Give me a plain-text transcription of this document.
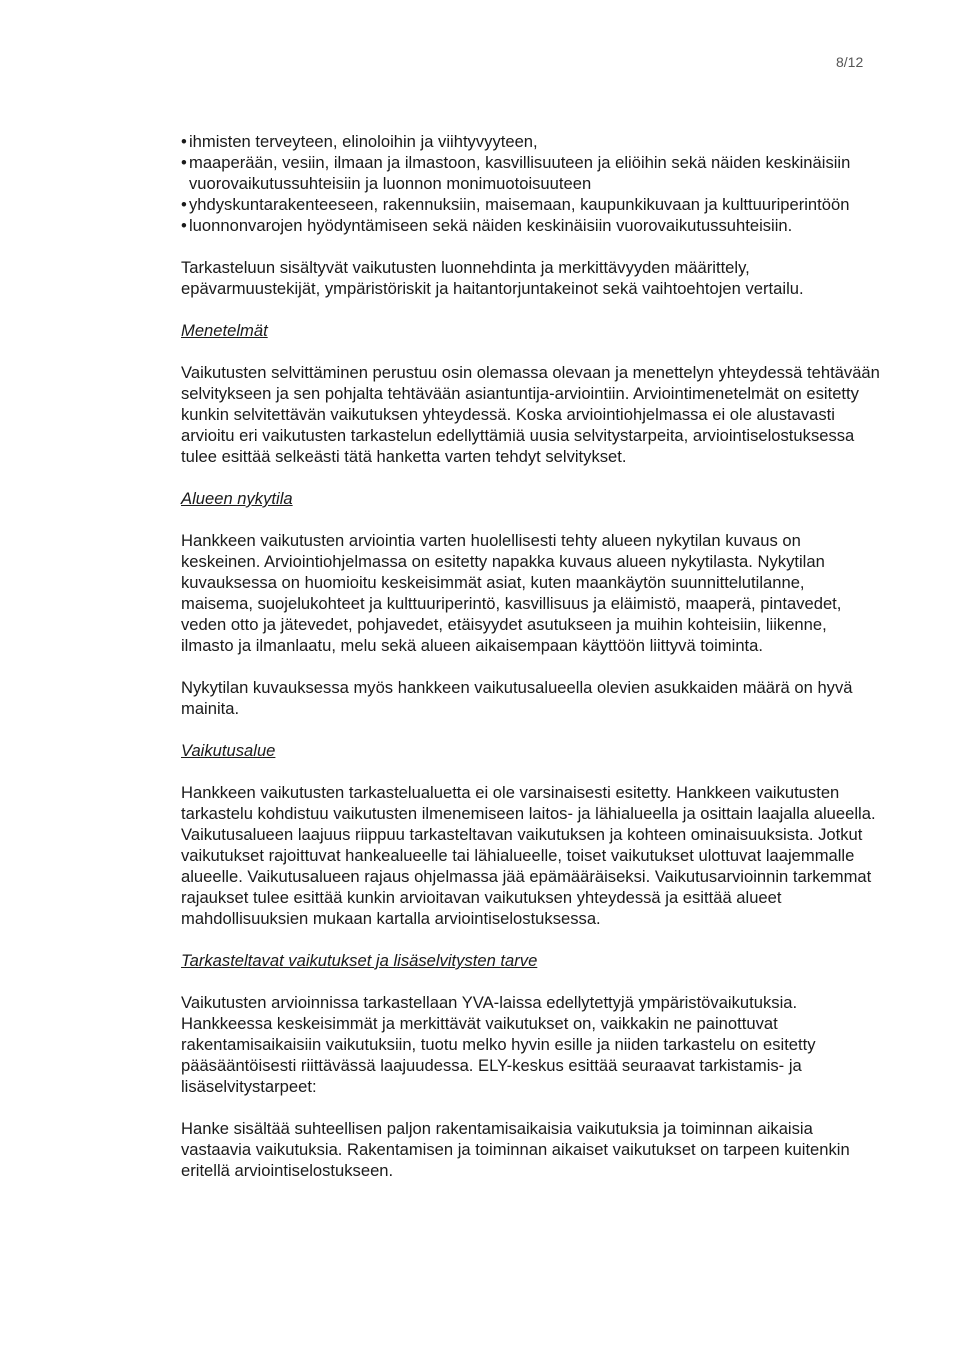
8/12
• ihmisten terveyteen, elinoloihin ja viihtyvyyteen,
• maaperään, vesiin, ilmaan ja ilmastoon, kasvillisuuteen ja eliöihin sekä näiden keskinäisiin vuorovaikutussuhteisiin ja luonnon monimuotoisuuteen
• yhdyskuntarakenteeseen, rakennuksiin, maisemaan, kaupunkikuvaan ja kulttuuriperintöön
• luonnonvarojen hyödyntämiseen sekä näiden keskinäisiin vuorovaikutussuhteisiin.

Tarkasteluun sisältyvät vaikutusten luonnehdinta ja merkittävyyden määrittely, epävarmuustekijät, ympäristöriskit ja haitantorjuntakeinot sekä vaihtoehtojen vertailu.

Menetelmät

Vaikutusten selvittäminen perustuu osin olemassa olevaan ja menettelyn yhteydessä tehtävään selvitykseen ja sen pohjalta tehtävään asiantuntija-arviointiin. Arviointimenetelmät on esitetty kunkin selvitettävän vaikutuksen yhteydessä. Koska arviointiohjelmassa ei ole alustavasti arvioitu eri vaikutusten tarkastelun edellyttämiä uusia selvitystarpeita, arviointiselostuksessa tulee esittää selkeästi tätä hanketta varten tehdyt selvitykset.

Alueen nykytila

Hankkeen vaikutusten arviointia varten huolellisesti tehty alueen nykytilan kuvaus on keskeinen. Arviointiohjelmassa on esitetty napakka kuvaus alueen nykytilasta. Nykytilan kuvauksessa on huomioitu keskeisimmät asiat, kuten maankäytön suunnittelutilanne, maisema, suojelukohteet ja kulttuuriperintö, kasvillisuus ja eläimistö, maaperä, pintavedet, veden otto ja jätevedet, pohjavedet, etäisyydet asutukseen ja muihin kohteisiin, liikenne, ilmasto ja ilmanlaatu, melu sekä alueen aikaisempaan käyttöön liittyvä toiminta.

Nykytilan kuvauksessa myös hankkeen vaikutusalueella olevien asukkaiden määrä on hyvä mainita.

Vaikutusalue

Hankkeen vaikutusten tarkastelualuetta ei ole varsinaisesti esitetty. Hankkeen vaikutusten tarkastelu kohdistuu vaikutusten ilmenemiseen laitos- ja lähialueella ja osittain laajalla alueella. Vaikutusalueen laajuus riippuu tarkasteltavan vaikutuksen ja kohteen ominaisuuksista. Jotkut vaikutukset rajoittuvat hankealueelle tai lähialueelle, toiset vaikutukset ulottuvat laajemmalle alueelle. Vaikutusalueen rajaus ohjelmassa jää epämääräiseksi. Vaikutusarvioinnin tarkemmat rajaukset tulee esittää kunkin arvioitavan vaikutuksen yhteydessä ja esittää alueet mahdollisuuksien mukaan kartalla arviointiselostuksessa.

Tarkasteltavat vaikutukset ja lisäselvitysten tarve

Vaikutusten arvioinnissa tarkastellaan YVA-laissa edellytettyjä ympäristövaikutuksia. Hankkeessa keskeisimmät ja merkittävät vaikutukset on, vaikkakin ne painottuvat rakentamisaikaisiin vaikutuksiin, tuotu melko hyvin esille ja niiden tarkastelu on esitetty pääsääntöisesti riittävässä laajuudessa. ELY-keskus esittää seuraavat tarkistamis- ja lisäselvitystarpeet:

Hanke sisältää suhteellisen paljon rakentamisaikaisia vaikutuksia ja toiminnan aikaisia vastaavia vaikutuksia. Rakentamisen ja toiminnan aikaiset vaikutukset on tarpeen kuitenkin eritellä arviointiselostukseen.
